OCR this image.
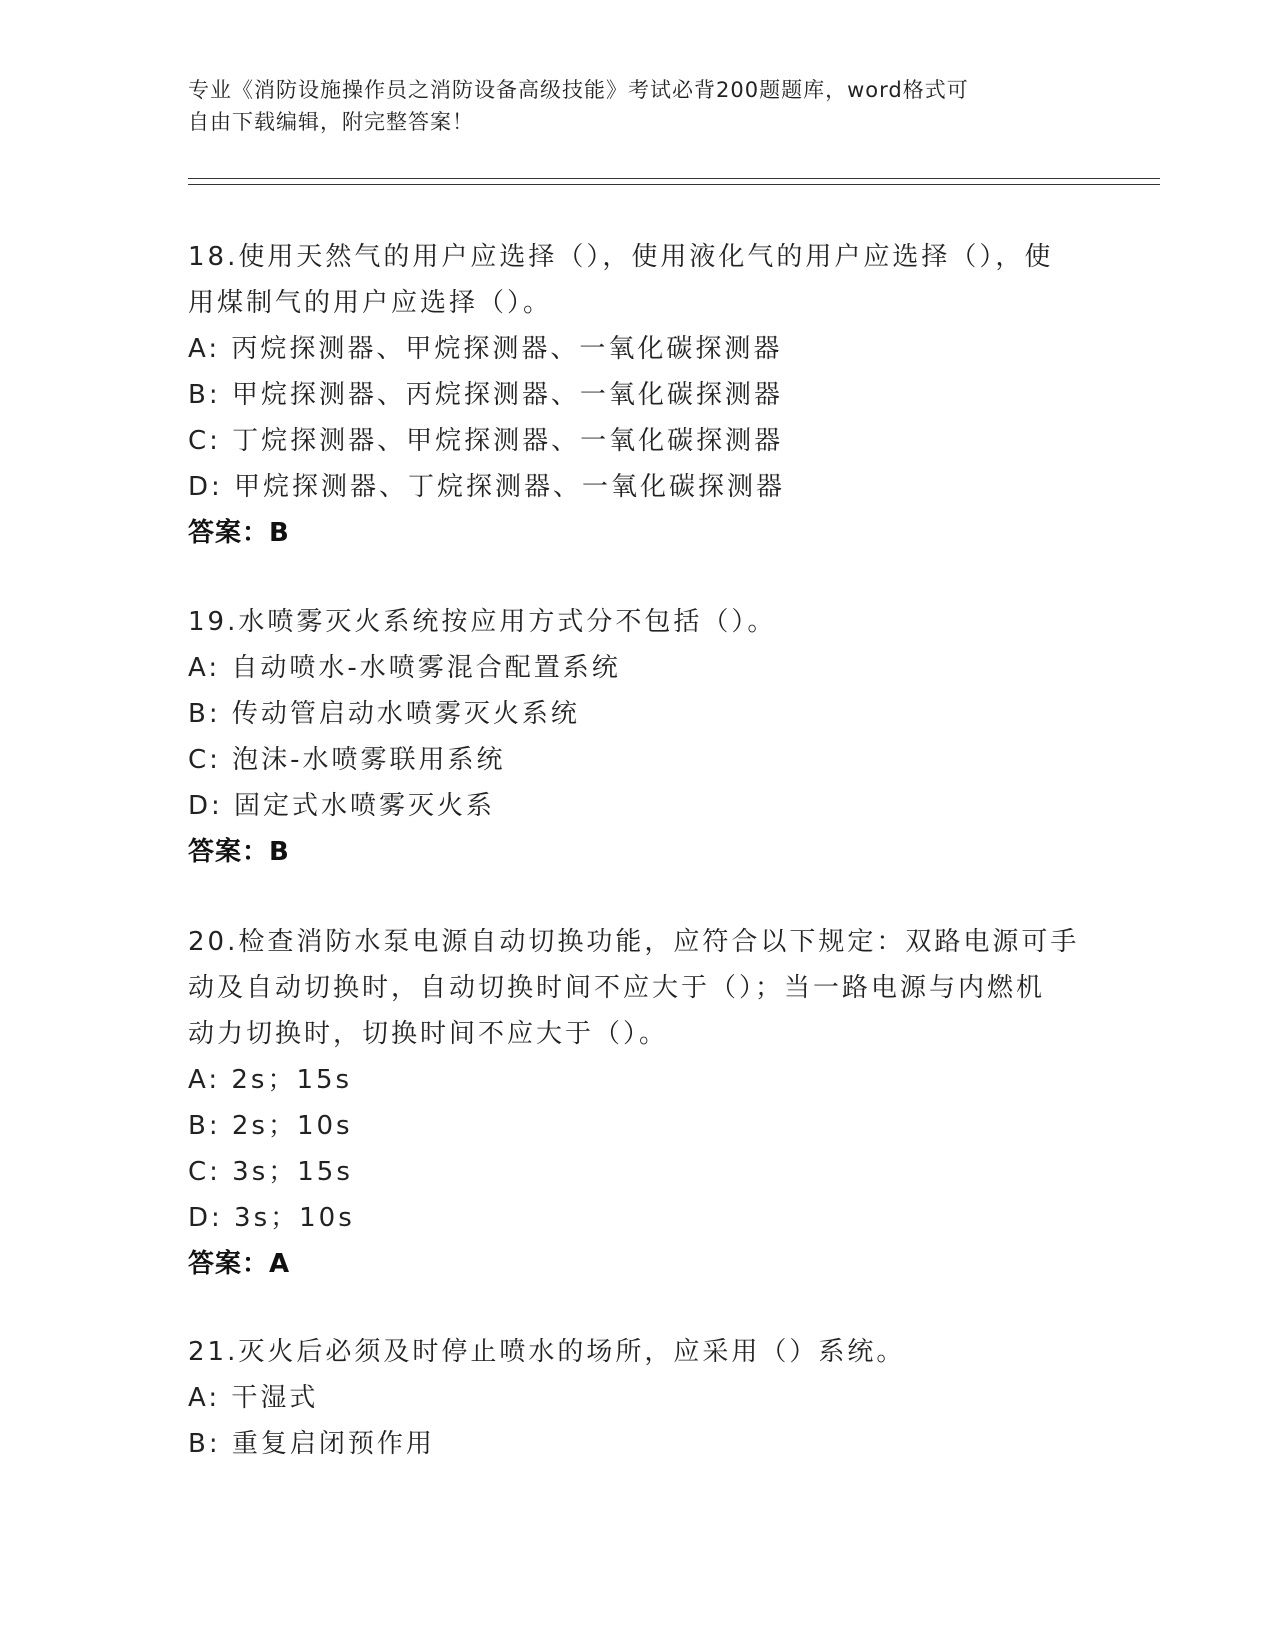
专业《消防设施操作员之消防设备高级技能》考试必背200题题库，word格式可
自由下载编辑，附完整答案！
18.使用天然气的用户应选择（），使用液化气的用户应选择（），使
用煤制气的用户应选择（）。
A: 丙烷探测器、甲烷探测器、一氧化碳探测器
B: 甲烷探测器、丙烷探测器、一氧化碳探测器
C: 丁烷探测器、甲烷探测器、一氧化碳探测器
D: 甲烷探测器、丁烷探测器、一氧化碳探测器
答案：B
19.水喷雾灭火系统按应用方式分不包括（）。
A: 自动喷水-水喷雾混合配置系统
B: 传动管启动水喷雾灭火系统
C: 泡沫-水喷雾联用系统
D: 固定式水喷雾灭火系
答案：B
20.检查消防水泵电源自动切换功能，应符合以下规定：双路电源可手
动及自动切换时，自动切换时间不应大于（）；当一路电源与内燃机
动力切换时，切换时间不应大于（）。
A: 2s；15s
B: 2s；10s
C: 3s；15s
D: 3s；10s
答案：A
21.灭火后必须及时停止喷水的场所，应采用（）系统。
A: 干湿式
B: 重复启闭预作用
